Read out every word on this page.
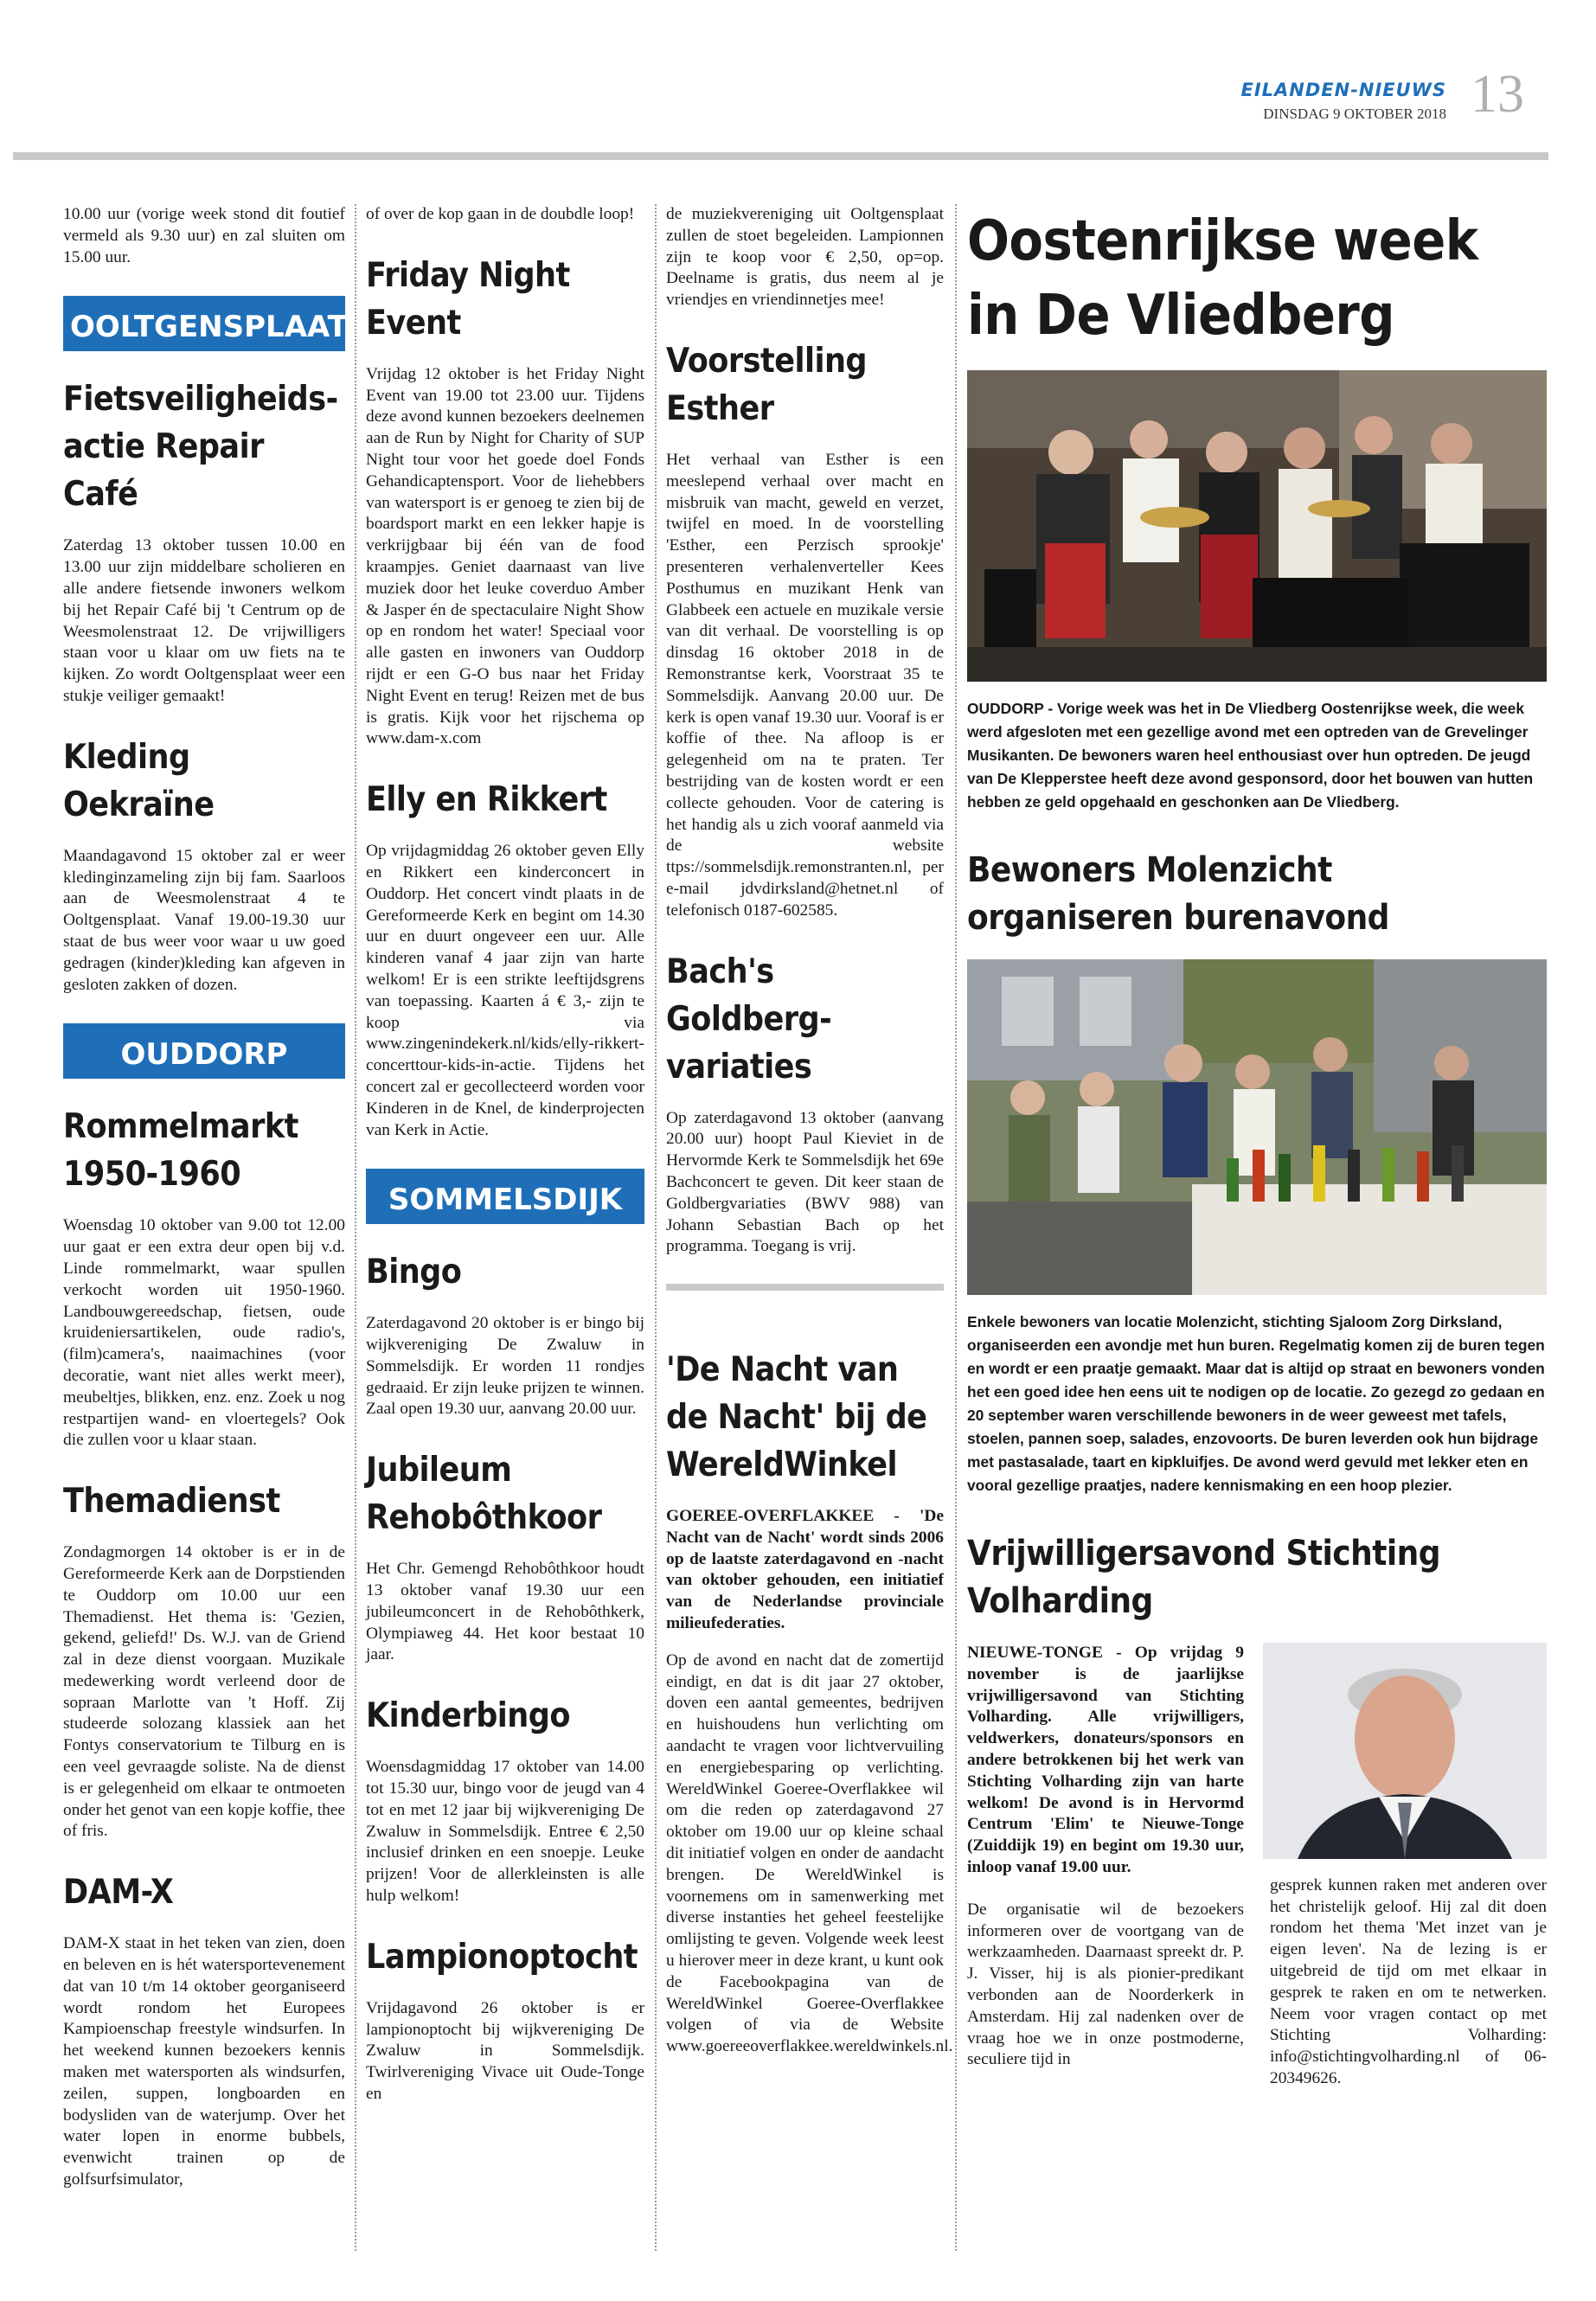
EILANDEN-NIEUWS
DINSDAG 9 OKTOBER 2018 13

10.00 uur (vorige week stond dit foutief vermeld als 9.30 uur) en zal sluiten om 15.00 uur.

OOLTGENSPLAAT
Fietsveiligheids-actie Repair Café

Zaterdag 13 oktober tussen 10.00 en 13.00 uur zijn middelbare scholieren en alle andere fietsende inwoners welkom bij het Repair Café bij 't Centrum op de Weesmolenstraat 12. De vrijwilligers staan voor u klaar om uw fiets na te kijken. Zo wordt Ooltgensplaat weer een stukje veiliger gemaakt!

Kleding Oekraïne

Maandagavond 15 oktober zal er weer kledinginzameling zijn bij fam. Saarloos aan de Weesmolenstraat 4 te Ooltgensplaat. Vanaf 19.00-19.30 uur staat de bus weer voor waar u uw goed gedragen (kinder)kleding kan afgeven in gesloten zakken of dozen.

OUDDORP
Rommelmarkt 1950-1960

Woensdag 10 oktober van 9.00 tot 12.00 uur gaat er een extra deur open bij v.d. Linde rommelmarkt, waar spullen verkocht worden uit 1950-1960. Landbouwgereedschap, fietsen, oude kruideniersartikelen, oude radio's, (film)camera's, naaimachines (voor decoratie, want niet alles werkt meer), meubeltjes, blikken, enz. enz. Zoek u nog restpartijen wand- en vloertegels? Ook die zullen voor u klaar staan.

Themadienst

Zondagmorgen 14 oktober is er in de Gereformeerde Kerk aan de Dorpstienden te Ouddorp om 10.00 uur een Themadienst. Het thema is: 'Gezien, gekend, geliefd!' Ds. W.J. van de Griend zal in deze dienst voorgaan. Muzikale medewerking wordt verleend door de sopraan Marlotte van 't Hoff. Zij studeerde solozang klassiek aan het Fontys conservatorium te Tilburg en is een veel gevraagde soliste. Na de dienst is er gelegenheid om elkaar te ontmoeten onder het genot van een kopje koffie, thee of fris.

DAM-X

DAM-X staat in het teken van zien, doen en beleven en is hét watersportevenement dat van 10 t/m 14 oktober georganiseerd wordt rondom het Europees Kampioenschap freestyle windsurfen. In het weekend kunnen bezoekers kennis maken met watersporten als windsurfen, zeilen, suppen, longboarden en bodysliden van de waterjump. Over het water lopen in enorme bubbels, evenwicht trainen op de golfsurfsimulator,

of over de kop gaan in de doubdle loop!

Friday Night Event

Vrijdag 12 oktober is het Friday Night Event van 19.00 tot 23.00 uur. Tijdens deze avond kunnen bezoekers deelnemen aan de Run by Night for Charity of SUP Night tour voor het goede doel Fonds Gehandicaptensport. Voor de liehebbers van watersport is er genoeg te zien bij de boardsport markt en een lekker hapje is verkrijgbaar bij één van de food kraampjes. Geniet daarnaast van live muziek door het leuke coverduo Amber & Jasper én de spectaculaire Night Show op en rondom het water! Speciaal voor alle gasten en inwoners van Ouddorp rijdt er een G-O bus naar het Friday Night Event en terug! Reizen met de bus is gratis. Kijk voor het rijschema op www.dam-x.com

Elly en Rikkert

Op vrijdagmiddag 26 oktober geven Elly en Rikkert een kinderconcert in Ouddorp. Het concert vindt plaats in de Gereformeerde Kerk en begint om 14.30 uur en duurt ongeveer een uur. Alle kinderen vanaf 4 jaar zijn van harte welkom! Er is een strikte leeftijdsgrens van toepassing. Kaarten á € 3,- zijn te koop via www.zingenindekerk.nl/kids/elly-rikkert-concerttour-kids-in-actie. Tijdens het concert zal er gecollecteerd worden voor Kinderen in de Knel, de kinderprojecten van Kerk in Actie.

SOMMELSDIJK
Bingo

Zaterdagavond 20 oktober is er bingo bij wijkvereniging De Zwaluw in Sommelsdijk. Er worden 11 rondjes gedraaid. Er zijn leuke prijzen te winnen. Zaal open 19.30 uur, aanvang 20.00 uur.

Jubileum Rehobôthkoor

Het Chr. Gemengd Rehobôthkoor houdt 13 oktober vanaf 19.30 uur een jubileumconcert in de Rehobôthkerk, Olympiaweg 44. Het koor bestaat 10 jaar.

Kinderbingo

Woensdagmiddag 17 oktober van 14.00 tot 15.30 uur, bingo voor de jeugd van 4 tot en met 12 jaar bij wijkvereniging De Zwaluw in Sommelsdijk. Entree € 2,50 inclusief drinken en een snoepje. Leuke prijzen! Voor de allerkleinsten is alle hulp welkom!

Lampionoptocht

Vrijdagavond 26 oktober is er lampionoptocht bij wijkvereniging De Zwaluw in Sommelsdijk. Twirlvereniging Vivace uit Oude-Tonge en

de muziekvereniging uit Ooltgensplaat zullen de stoet begeleiden. Lampionnen zijn te koop voor € 2,50, op=op. Deelname is gratis, dus neem al je vriendjes en vriendinnetjes mee!

Voorstelling Esther

Het verhaal van Esther is een meeslepend verhaal over macht en misbruik van macht, geweld en verzet, twijfel en moed. In de voorstelling 'Esther, een Perzisch sprookje' presenteren verhalenverteller Kees Posthumus en muzikant Henk van Glabbeek een actuele en muzikale versie van dit verhaal. De voorstelling is op dinsdag 16 oktober 2018 in de Remonstrantse kerk, Voorstraat 35 te Sommelsdijk. Aanvang 20.00 uur. De kerk is open vanaf 19.30 uur. Vooraf is er koffie of thee. Na afloop is er gelegenheid om na te praten. Ter bestrijding van de kosten wordt er een collecte gehouden. Voor de catering is het handig als u zich vooraf aanmeld via de website ttps://sommelsdijk.remonstranten.nl, per e-mail jdvdirksland@hetnet.nl of telefonisch 0187-602585.

Bach's Goldberg-variaties

Op zaterdagavond 13 oktober (aanvang 20.00 uur) hoopt Paul Kieviet in de Hervormde Kerk te Sommelsdijk het 69e Bachconcert te geven. Dit keer staan de Goldbergvariaties (BWV 988) van Johann Sebastian Bach op het programma. Toegang is vrij.

'De Nacht van de Nacht' bij de WereldWinkel

GOEREE-OVERFLAKKEE - 'De Nacht van de Nacht' wordt sinds 2006 op de laatste zaterdagavond en -nacht van oktober gehouden, een initiatief van de Nederlandse provinciale milieufederaties.

Op de avond en nacht dat de zomertijd eindigt, en dat is dit jaar 27 oktober, doven een aantal gemeentes, bedrijven en huishoudens hun verlichting om aandacht te vragen voor lichtvervuiling en energiebesparing op verlichting. WereldWinkel Goeree-Overflakkee wil om die reden op zaterdagavond 27 oktober om 19.00 uur op kleine schaal dit initiatief volgen en onder de aandacht brengen. De WereldWinkel is voornemens om in samenwerking met diverse instanties het geheel feestelijke omlijsting te geven. Volgende week leest u hierover meer in deze krant, u kunt ook de Facebookpagina van de WereldWinkel Goeree-Overflakkee volgen of via de Website www.goereeoverflakkee.wereldwinkels.nl.

Oostenrijkse week in De Vliedberg
OUDDORP - Vorige week was het in De Vliedberg Oostenrijkse week, die week werd afgesloten met een gezellige avond met een optreden van de Grevelinger Musikanten. De bewoners waren heel enthousiast over hun optreden. De jeugd van De Klepperstee heeft deze avond gesponsord, door het bouwen van hutten hebben ze geld opgehaald en geschonken aan De Vliedberg.
Bewoners Molenzicht organiseren burenavond
Enkele bewoners van locatie Molenzicht, stichting Sjaloom Zorg Dirksland, organiseerden een avondje met hun buren. Regelmatig komen zij de buren tegen en wordt er een praatje gemaakt. Maar dat is altijd op straat en bewoners vonden het een goed idee hen eens uit te nodigen op de locatie. Zo gezegd zo gedaan en 20 september waren verschillende bewoners in de weer geweest met tafels, stoelen, pannen soep, salades, enzovoorts. De buren leverden ook hun bijdrage met pastasalade, taart en kipkluifjes. De avond werd gevuld met lekker eten en vooral gezellige praatjes, nadere kennismaking en een hoop plezier.
Vrijwilligersavond Stichting Volharding

NIEUWE-TONGE - Op vrijdag 9 november is de jaarlijkse vrijwilligersavond van Stichting Volharding. Alle vrijwilligers, veldwerkers, donateurs/sponsors en andere betrokkenen bij het werk van Stichting Volharding zijn van harte welkom! De avond is in Hervormd Centrum 'Elim' te Nieuwe-Tonge (Zuiddijk 19) en begint om 19.30 uur, inloop vanaf 19.00 uur.

De organisatie wil de bezoekers informeren over de voortgang van de werkzaamheden. Daarnaast spreekt dr. P. J. Visser, hij is als pionier-predikant verbonden aan de Noorderkerk in Amsterdam. Hij zal nadenken over de vraag hoe we in onze postmoderne, seculiere tijd in

gesprek kunnen raken met anderen over het christelijk geloof. Hij zal dit doen rondom het thema 'Met inzet van je eigen leven'. Na de lezing is er uitgebreid de tijd om met elkaar in gesprek te raken en om te netwerken. Neem voor vragen contact op met Stichting Volharding: info@stichtingvolharding.nl of 06-20349626.
